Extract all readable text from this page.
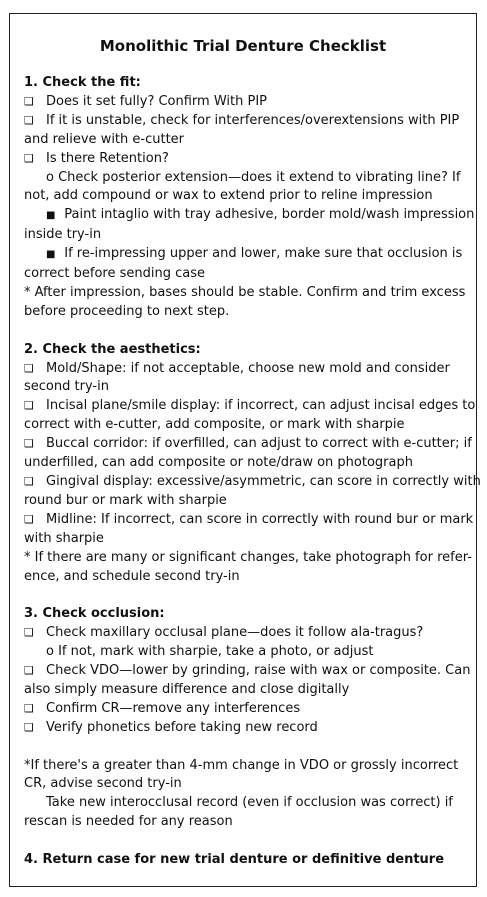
Monolithic Trial Denture Checklist
1. Check the fit:
❑ Does it set fully? Confirm With PIP
❑ If it is unstable, check for interferences/overextensions with PIP
and relieve with e-cutter
❑ Is there Retention?
o Check posterior extension—does it extend to vibrating line? If
not, add compound or wax to extend prior to reline impression
■ Paint intaglio with tray adhesive, border mold/wash impression
inside try-in
■ If re-impressing upper and lower, make sure that occlusion is
correct before sending case
* After impression, bases should be stable. Confirm and trim excess
before proceeding to next step.
2. Check the aesthetics:
❑ Mold/Shape: if not acceptable, choose new mold and consider
second try-in
❑ Incisal plane/smile display: if incorrect, can adjust incisal edges to
correct with e-cutter, add composite, or mark with sharpie
❑ Buccal corridor: if overfilled, can adjust to correct with e-cutter; if
underfilled, can add composite or note/draw on photograph
❑ Gingival display: excessive/asymmetric, can score in correctly with
round bur or mark with sharpie
❑ Midline: If incorrect, can score in correctly with round bur or mark
with sharpie
* If there are many or significant changes, take photograph for refer-
ence, and schedule second try-in
3. Check occlusion:
❑ Check maxillary occlusal plane—does it follow ala-tragus?
o If not, mark with sharpie, take a photo, or adjust
❑ Check VDO—lower by grinding, raise with wax or composite. Can
also simply measure difference and close digitally
❑ Confirm CR—remove any interferences
❑ Verify phonetics before taking new record
*If there's a greater than 4-mm change in VDO or grossly incorrect
CR, advise second try-in
Take new interocclusal record (even if occlusion was correct) if
rescan is needed for any reason
4. Return case for new trial denture or definitive denture
